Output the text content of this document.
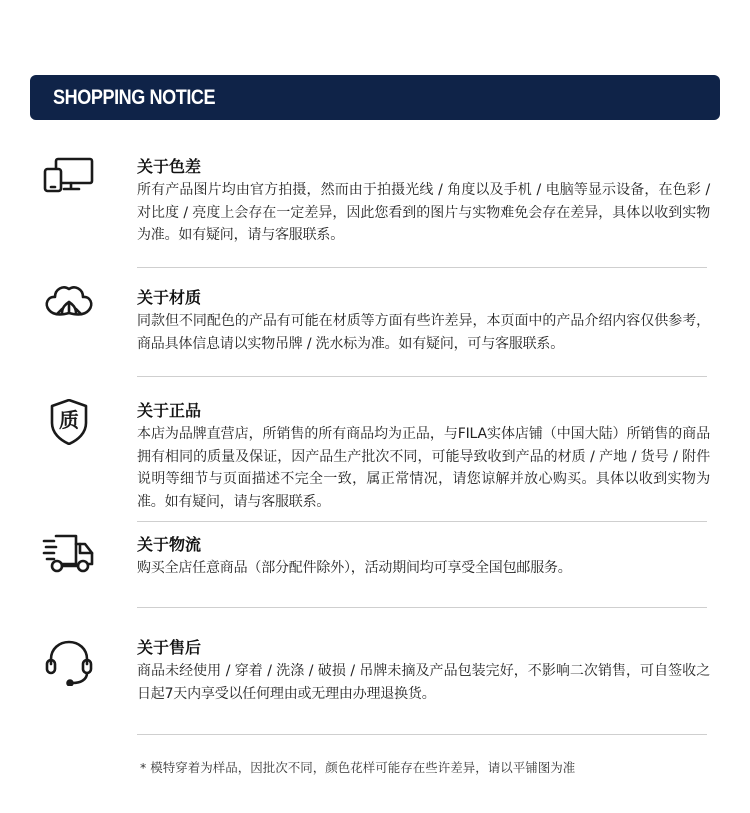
SHOPPING NOTICE
关于色差
所有产品图片均由官方拍摄，然而由于拍摄光线 / 角度以及手机 / 电脑等显示设备，在色彩 / 对比度 / 亮度上会存在一定差异，因此您看到的图片与实物难免会存在差异，具体以收到实物为准。如有疑问，请与客服联系。
关于材质
同款但不同配色的产品有可能在材质等方面有些许差异，本页面中的产品介绍内容仅供参考，商品具体信息请以实物吊牌 / 洗水标为准。如有疑问，可与客服联系。
质	关于正品
本店为品牌直营店，所销售的所有商品均为正品，与FILA实体店铺（中国大陆）所销售的商品拥有相同的质量及保证，因产品生产批次不同，可能导致收到产品的材质 / 产地 / 货号 / 附件说明等细节与页面描述不完全一致，属正常情况，请您谅解并放心购买。具体以收到实物为准。如有疑问，请与客服联系。
关于物流
购买全店任意商品（部分配件除外），活动期间均可享受全国包邮服务。
关于售后
商品未经使用 / 穿着 / 洗涤 / 破损 / 吊牌未摘及产品包装完好，不影响二次销售，可自签收之日起7天内享受以任何理由或无理由办理退换货。
* 模特穿着为样品，因批次不同，颜色花样可能存在些许差异，请以平铺图为准
